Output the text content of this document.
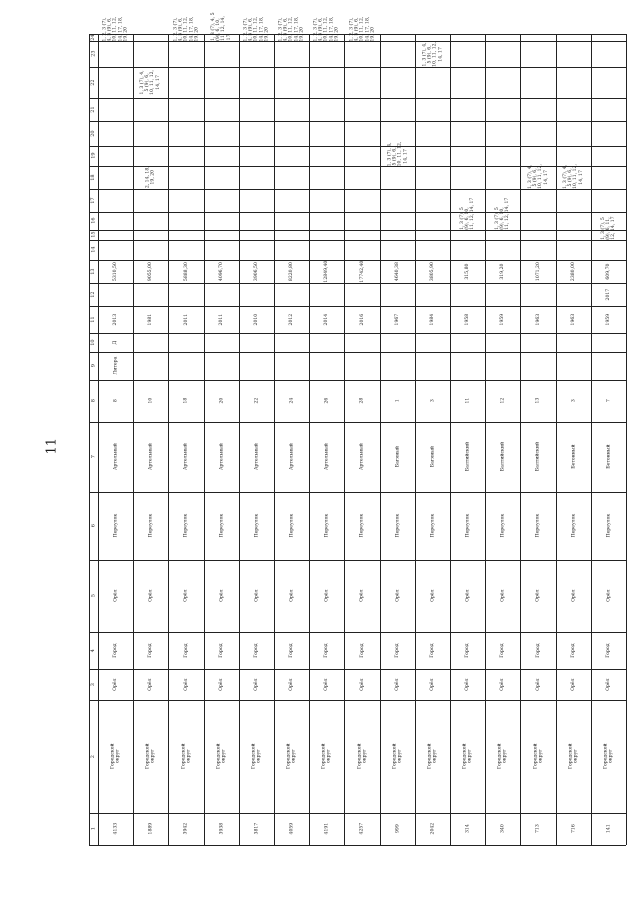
11
1
2
3
4
5
6
7
8
9
10
11
12
13
14
15
16
17
18
19
20
21
22
23
24
4133
Городской
округ
Орёл
Город
Орёл
Переулок
Артельный
8
Литера
Д
2013
5310,50
1, 2, 3 (7),
4, 5 (9), 6,
10, 11, 12,
14, 17, 18,
19, 20
1889
Городской
округ
Орёл
Город
Орёл
Переулок
Артельный
10
1981
9055,00
2, 14, 18,
19, 20
1, 3 (7), 4,
5 (9), 6,
10, 11, 12,
14, 17
3942
Городской
округ
Орёл
Город
Орёл
Переулок
Артельный
18
2011
5888,30
1, 2, 3 (7),
4, 5 (9), 6,
10, 11, 12,
14, 17, 18,
19, 20
3938
Городской
округ
Орёл
Город
Орёл
Переулок
Артельный
20
2011
4096,70
1, 3 (7), 4, 5
(9), 6, 10,
11, 12, 14,
17
3817
Городской
округ
Орёл
Город
Орёл
Переулок
Артельный
22
2010
3906,50
1, 2, 3 (7),
4, 5 (9), 6,
10, 11, 12,
14, 17, 18,
19, 20
4059
Городской
округ
Орёл
Город
Орёл
Переулок
Артельный
24
2012
8220,80
1, 2, 3 (7),
4, 5 (9), 6,
10, 11, 12,
14, 17, 18,
19, 20
4191
Городской
округ
Орёл
Город
Орёл
Переулок
Артельный
26
2014
12849,40
1, 2, 3 (7),
4, 5 (9), 6,
10, 11, 12,
14, 17, 18,
19, 20
4257
Городской
округ
Орёл
Город
Орёл
Переулок
Артельный
28
2016
17742,40
1, 2, 3 (7),
4, 5 (9), 6,
10, 11, 12,
14, 17, 18,
19, 20
999
Городской
округ
Орёл
Город
Орёл
Переулок
Багяный
1
1967
4640,38
1, 3 (7), 4,
5 (9), 6,
10, 11, 12,
14, 17
2042
Городской
округ
Орёл
Город
Орёл
Переулок
Багяный
3
1984
3805,90
1, 3 (7), 4,
5 (9), 6,
10, 11, 12,
14, 17
314
Городской
округ
Орёл
Город
Орёл
Переулок
Балтийский
11
1958
315,80
1, 3 (7), 5
(9), 6, 10,
11, 12, 14, 17
340
Городской
округ
Орёл
Город
Орёл
Переулок
Балтийский
12
1959
319,20
1, 3 (7), 5
(9), 6, 10,
11, 12, 14, 17
713
Городской
округ
Орёл
Город
Орёл
Переулок
Балтийский
13
1963
1071,20
1, 3 (7), 4,
5 (9), 6,
10, 11, 12,
14, 17
716
Городской
округ
Орёл
Город
Орёл
Переулок
Бетонный
3
1963
2380,00
1, 3 (7), 4,
5 (9), 6,
10, 11, 12,
14, 17
141
Городской
округ
Орёл
Город
Орёл
Переулок
Бетонный
7
1959
2017
609,70
1, 3 (7), 5
(9), 6, 11,
12, 14, 17
